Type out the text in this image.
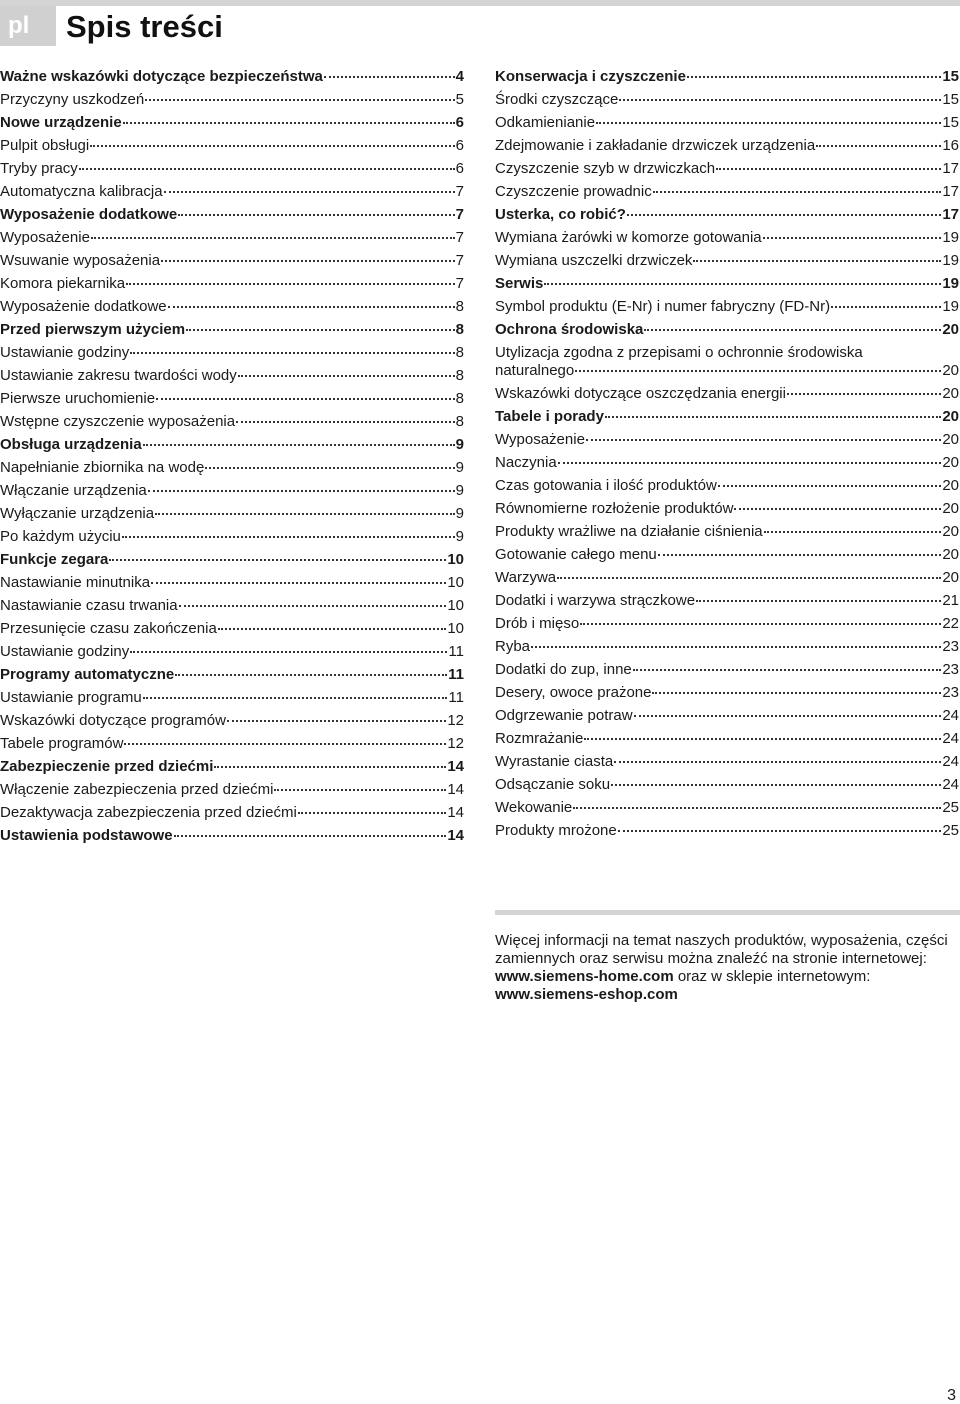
pl	Spis treści
Ważne wskazówki dotyczące bezpieczeństwa	4
Przyczyny uszkodzeń	5
Nowe urządzenie	6
Pulpit obsługi	6
Tryby pracy	6
Automatyczna kalibracja	7
Wyposażenie dodatkowe	7
Wyposażenie	7
Wsuwanie wyposażenia	7
Komora piekarnika	7
Wyposażenie dodatkowe	8
Przed pierwszym użyciem	8
Ustawianie godziny	8
Ustawianie zakresu twardości wody	8
Pierwsze uruchomienie	8
Wstępne czyszczenie wyposażenia	8
Obsługa urządzenia	9
Napełnianie zbiornika na wodę	9
Włączanie urządzenia	9
Wyłączanie urządzenia	9
Po każdym użyciu	9
Funkcje zegara	10
Nastawianie minutnika	10
Nastawianie czasu trwania	10
Przesunięcie czasu zakończenia	10
Ustawianie godziny	11
Programy automatyczne	11
Ustawianie programu	11
Wskazówki dotyczące programów	12
Tabele programów	12
Zabezpieczenie przed dziećmi	14
Włączenie zabezpieczenia przed dziećmi	14
Dezaktywacja zabezpieczenia przed dziećmi	14
Ustawienia podstawowe	14
Konserwacja i czyszczenie	15
Środki czyszczące	15
Odkamienianie	15
Zdejmowanie i zakładanie drzwiczek urządzenia	16
Czyszczenie szyb w drzwiczkach	17
Czyszczenie prowadnic	17
Usterka, co robić?	17
Wymiana żarówki w komorze gotowania	19
Wymiana uszczelki drzwiczek	19
Serwis	19
Symbol produktu (E-Nr) i numer fabryczny (FD-Nr)	19
Ochrona środowiska	20
Utylizacja zgodna z przepisami o ochronnie środowiska
naturalnego	20
Wskazówki dotyczące oszczędzania energii	20
Tabele i porady	20
Wyposażenie	20
Naczynia	20
Czas gotowania i ilość produktów	20
Równomierne rozłożenie produktów	20
Produkty wrażliwe na działanie ciśnienia	20
Gotowanie całego menu	20
Warzywa	20
Dodatki i warzywa strączkowe	21
Drób i mięso	22
Ryba	23
Dodatki do zup, inne	23
Desery, owoce prażone	23
Odgrzewanie potraw	24
Rozmrażanie	24
Wyrastanie ciasta	24
Odsączanie soku	24
Wekowanie	25
Produkty mrożone	25

Więcej informacji na temat naszych produktów, wyposażenia, części zamiennych oraz serwisu można znaleźć na stronie internetowej: www.siemens-home.com oraz w sklepie internetowym: www.siemens-eshop.com

3
